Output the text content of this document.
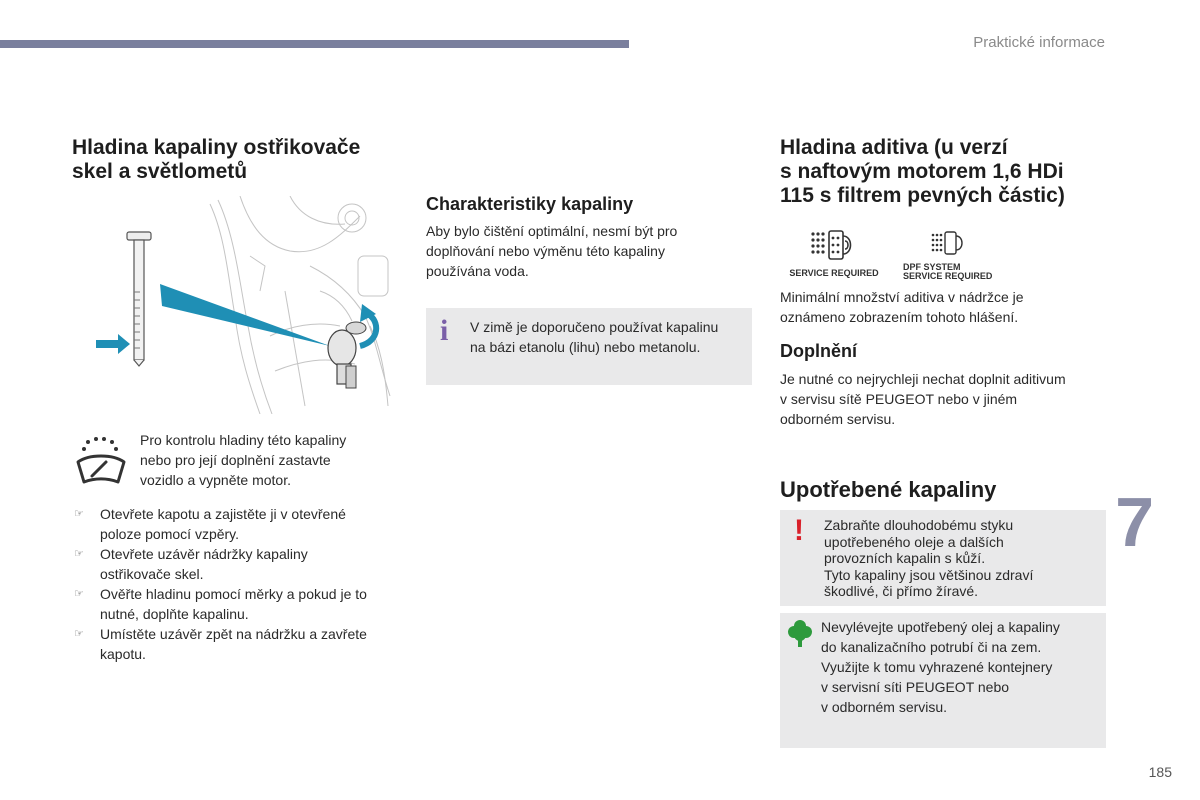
Praktické informace
Hladina kapaliny ostřikovače
skel a světlometů

Pro kontrolu hladiny této kapaliny
nebo pro její doplnění zastavte
vozidlo a vypněte motor.

☞ Otevřete kapotu a zajistěte ji v otevřené
poloze pomocí vzpěry.
☞ Otevřete uzávěr nádržky kapaliny
ostřikovače skel.
☞ Ověřte hladinu pomocí měrky a pokud je to
nutné, doplňte kapalinu.
☞ Umístěte uzávěr zpět na nádržku a zavřete
kapotu.
Charakteristiky kapaliny

Aby bylo čištění optimální, nesmí být pro
doplňování nebo výměnu této kapaliny
používána voda.

i V zimě je doporučeno používat kapalinu
na bázi etanolu (lihu) nebo metanolu.
Hladina aditiva (u verzí
s naftovým motorem 1,6 HDi
115 s filtrem pevných částic)
SERVICE REQUIRED
DPF SYSTEM
SERVICE REQUIRED

Minimální množství aditiva v nádržce je
oznámeno zobrazením tohoto hlášení.

Doplnění

Je nutné co nejrychleji nechat doplnit aditivum
v servisu sítě PEUGEOT nebo v jiném
odborném servisu.

Upotřebené kapaliny
! Zabraňte dlouhodobému styku
upotřebeného oleje a dalších
provozních kapalin s kůží.
Tyto kapaliny jsou většinou zdraví
škodlivé, či přímo žíravé.
Nevylévejte upotřebený olej a kapaliny
do kanalizačního potrubí či na zem.
Využijte k tomu vyhrazené kontejnery
v servisní síti PEUGEOT nebo
v odborném servisu.
7
185
